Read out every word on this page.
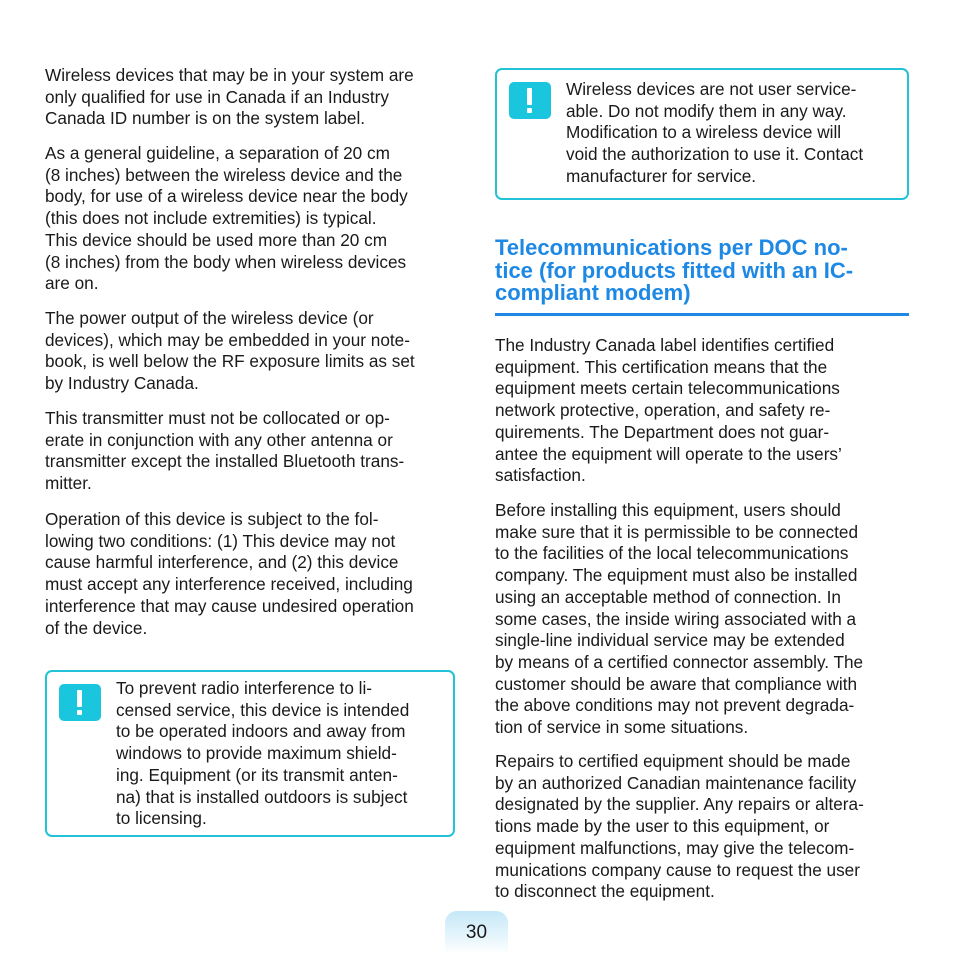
Wireless devices that may be in your system are
only qualified for use in Canada if an Industry
Canada ID number is on the system label.

As a general guideline, a separation of 20 cm
(8 inches) between the wireless device and the
body, for use of a wireless device near the body
(this does not include extremities) is typical.
This device should be used more than 20 cm
(8 inches) from the body when wireless devices
are on.

The power output of the wireless device (or
devices), which may be embedded in your note-
book, is well below the RF exposure limits as set
by Industry Canada.

This transmitter must not be collocated or op-
erate in conjunction with any other antenna or
transmitter except the installed Bluetooth trans-
mitter.

Operation of this device is subject to the fol-
lowing two conditions: (1) This device may not
cause harmful interference, and (2) this device
must accept any interference received, including
interference that may cause undesired operation
of the device.

To prevent radio interference to li-
censed service, this device is intended
to be operated indoors and away from
windows to provide maximum shield-
ing. Equipment (or its transmit anten-
na) that is installed outdoors is subject
to licensing.

Wireless devices are not user service-
able. Do not modify them in any way.
Modification to a wireless device will
void the authorization to use it. Contact
manufacturer for service.

Telecommunications per DOC no-
tice (for products fitted with an IC-
compliant modem)

The Industry Canada label identifies certified
equipment. This certification means that the
equipment meets certain telecommunications
network protective, operation, and safety re-
quirements. The Department does not guar-
antee the equipment will operate to the users’
satisfaction.

Before installing this equipment, users should
make sure that it is permissible to be connected
to the facilities of the local telecommunications
company. The equipment must also be installed
using an acceptable method of connection. In
some cases, the inside wiring associated with a
single-line individual service may be extended
by means of a certified connector assembly. The
customer should be aware that compliance with
the above conditions may not prevent degrada-
tion of service in some situations.

Repairs to certified equipment should be made
by an authorized Canadian maintenance facility
designated by the supplier. Any repairs or altera-
tions made by the user to this equipment, or
equipment malfunctions, may give the telecom-
munications company cause to request the user
to disconnect the equipment.

30
